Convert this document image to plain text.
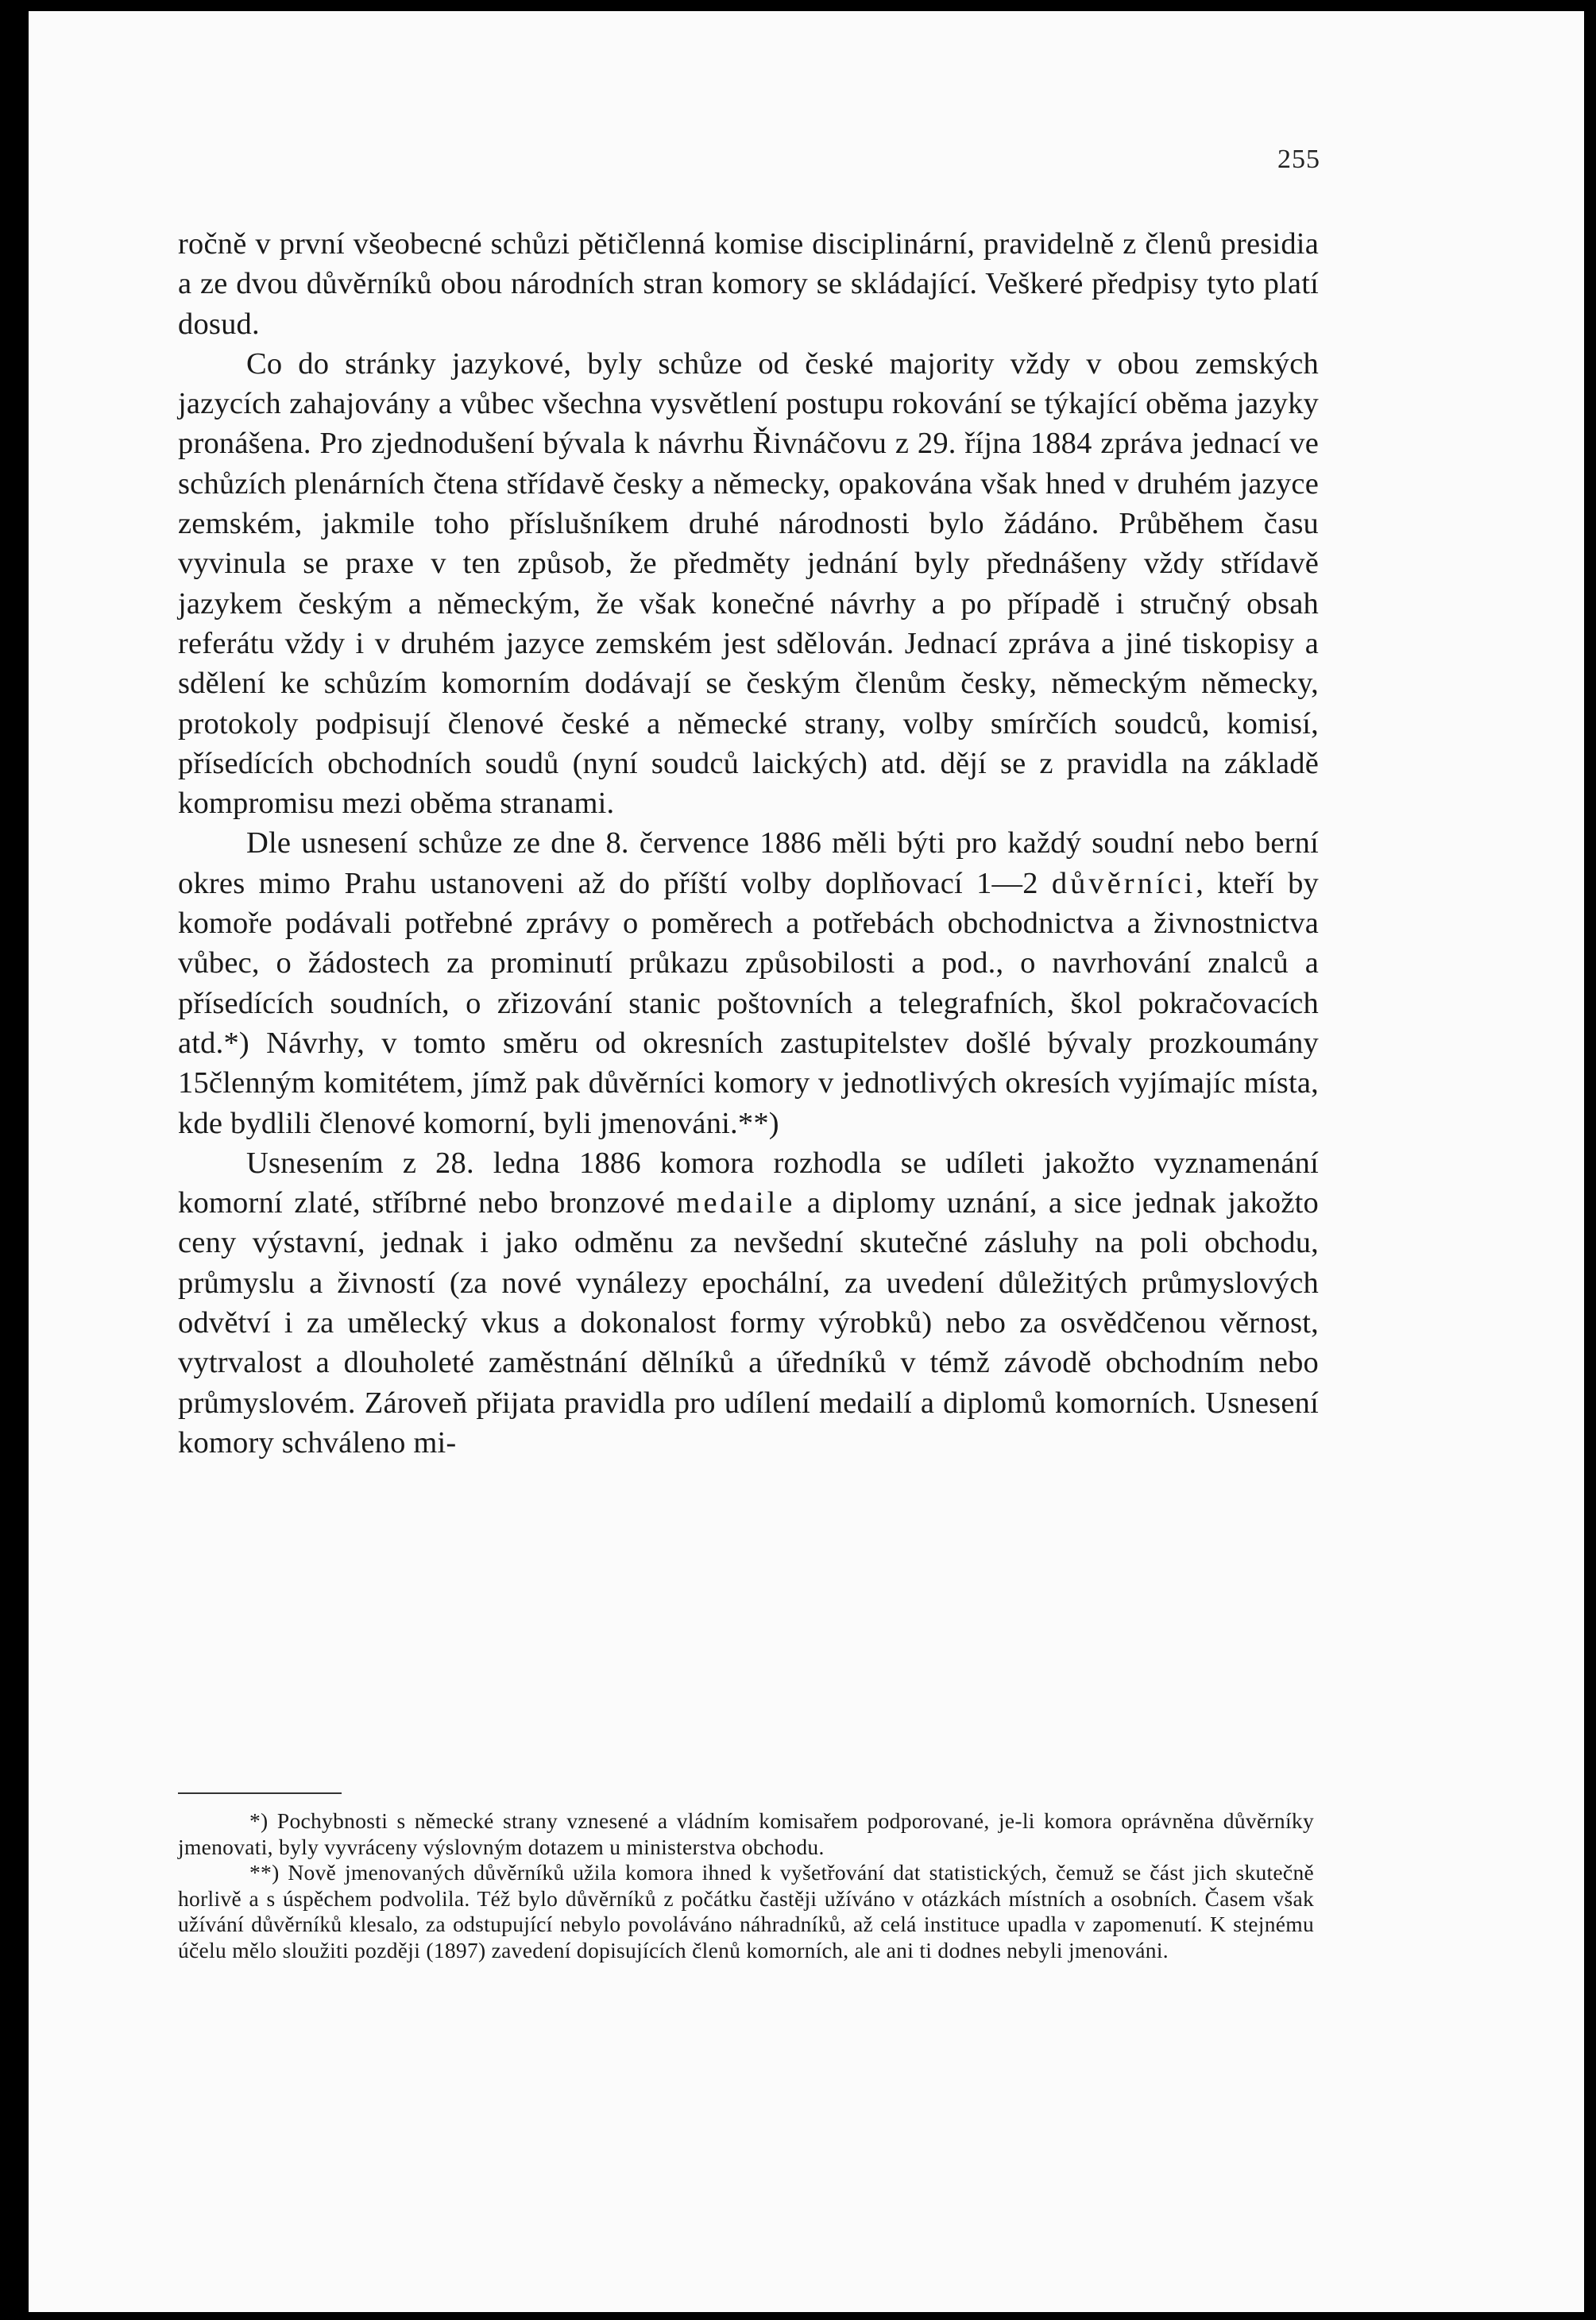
255

ročně v první všeobecné schůzi pětičlenná komise disciplinární, pravidelně z členů presidia a ze dvou důvěrníků obou národních stran komory se skládající. Veškeré předpisy tyto platí dosud.

Co do stránky jazykové, byly schůze od české majority vždy v obou zemských jazycích zahajovány a vůbec všechna vysvětlení postupu rokování se týkající oběma jazyky pronášena. Pro zjednodušení bývala k návrhu Řivnáčovu z 29. října 1884 zpráva jednací ve schůzích plenárních čtena střídavě česky a německy, opakována však hned v druhém jazyce zemském, jakmile toho příslušníkem druhé národnosti bylo žádáno. Průběhem času vyvinula se praxe v ten způsob, že předměty jednání byly přednášeny vždy střídavě jazykem českým a německým, že však konečné návrhy a po případě i stručný obsah referátu vždy i v druhém jazyce zemském jest sdělován. Jednací zpráva a jiné tiskopisy a sdělení ke schůzím komorním dodávají se českým členům česky, německým německy, protokoly podpisují členové české a německé strany, volby smírčích soudců, komisí, přísedících obchodních soudů (nyní soudců laických) atd. dějí se z pravidla na základě kompromisu mezi oběma stranami.

Dle usnesení schůze ze dne 8. července 1886 měli býti pro každý soudní nebo berní okres mimo Prahu ustanoveni až do příští volby doplňovací 1—2 důvěrníci, kteří by komoře podávali potřebné zprávy o poměrech a potřebách obchodnictva a živnostnictva vůbec, o žádostech za prominutí průkazu způsobilosti a pod., o navrhování znalců a přísedících soudních, o zřizování stanic poštovních a telegrafních, škol pokračovacích atd.*) Návrhy, v tomto směru od okresních zastupitelstev došlé bývaly prozkoumány 15členným komitétem, jímž pak důvěrníci komory v jednotlivých okresích vyjímajíc místa, kde bydlili členové komorní, byli jmenováni.**)

Usnesením z 28. ledna 1886 komora rozhodla se udíleti jakožto vyznamenání komorní zlaté, stříbrné nebo bronzové medaile a diplomy uznání, a sice jednak jakožto ceny výstavní, jednak i jako odměnu za nevšední skutečné zásluhy na poli obchodu, průmyslu a živností (za nové vynálezy epochální, za uvedení důležitých průmyslových odvětví i za umělecký vkus a dokonalost formy výrobků) nebo za osvědčenou věrnost, vytrvalost a dlouholeté zaměstnání dělníků a úředníků v témž závodě obchodním nebo průmyslovém. Zároveň přijata pravidla pro udílení medailí a diplomů komorních. Usnesení komory schváleno mi-

*) Pochybnosti s německé strany vznesené a vládním komisařem podporované, je-li komora oprávněna důvěrníky jmenovati, byly vyvráceny výslovným dotazem u ministerstva obchodu.

**) Nově jmenovaných důvěrníků užila komora ihned k vyšetřování dat statistických, čemuž se část jich skutečně horlivě a s úspěchem podvolila. Též bylo důvěrníků z počátku častěji užíváno v otázkách místních a osobních. Časem však užívání důvěrníků klesalo, za odstupující nebylo povoláváno náhradníků, až celá instituce upadla v zapomenutí. K stejnému účelu mělo sloužiti později (1897) zavedení dopisujících členů komorních, ale ani ti dodnes nebyli jmenováni.
